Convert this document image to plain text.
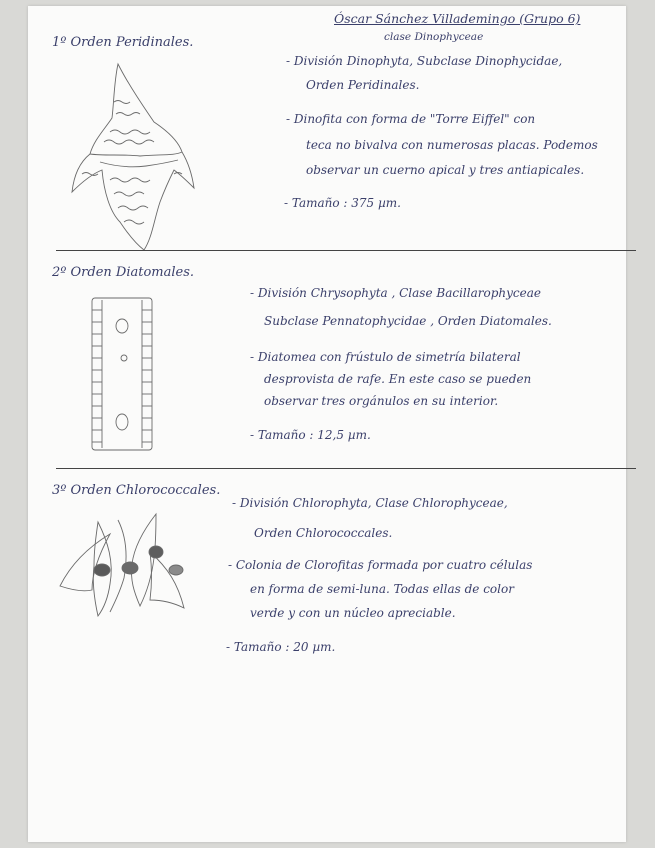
Óscar Sánchez Villademingo (Grupo 6)
clase Dinophyceae
1º Orden Peridinales.
- División Dinophyta, Subclase Dinophycidae,
Orden Peridinales.
- Dinofita con forma de "Torre Eiffel" con
teca no bivalva con numerosas placas. Podemos
observar un cuerno apical y tres antiapicales.
- Tamaño : 375 µm.
2º Orden Diatomales.
- División Chrysophyta , Clase Bacillarophyceae
Subclase Pennatophycidae , Orden Diatomales.
- Diatomea con frústulo de simetría bilateral
desprovista de rafe. En este caso se pueden
observar tres orgánulos en su interior.
- Tamaño : 12,5 µm.
3º Orden Chlorococcales.
- División Chlorophyta, Clase Chlorophyceae,
Orden Chlorococcales.
- Colonia de Clorofitas formada por cuatro células
en forma de semi-luna. Todas ellas de color
verde y con un núcleo apreciable.
- Tamaño : 20 µm.
